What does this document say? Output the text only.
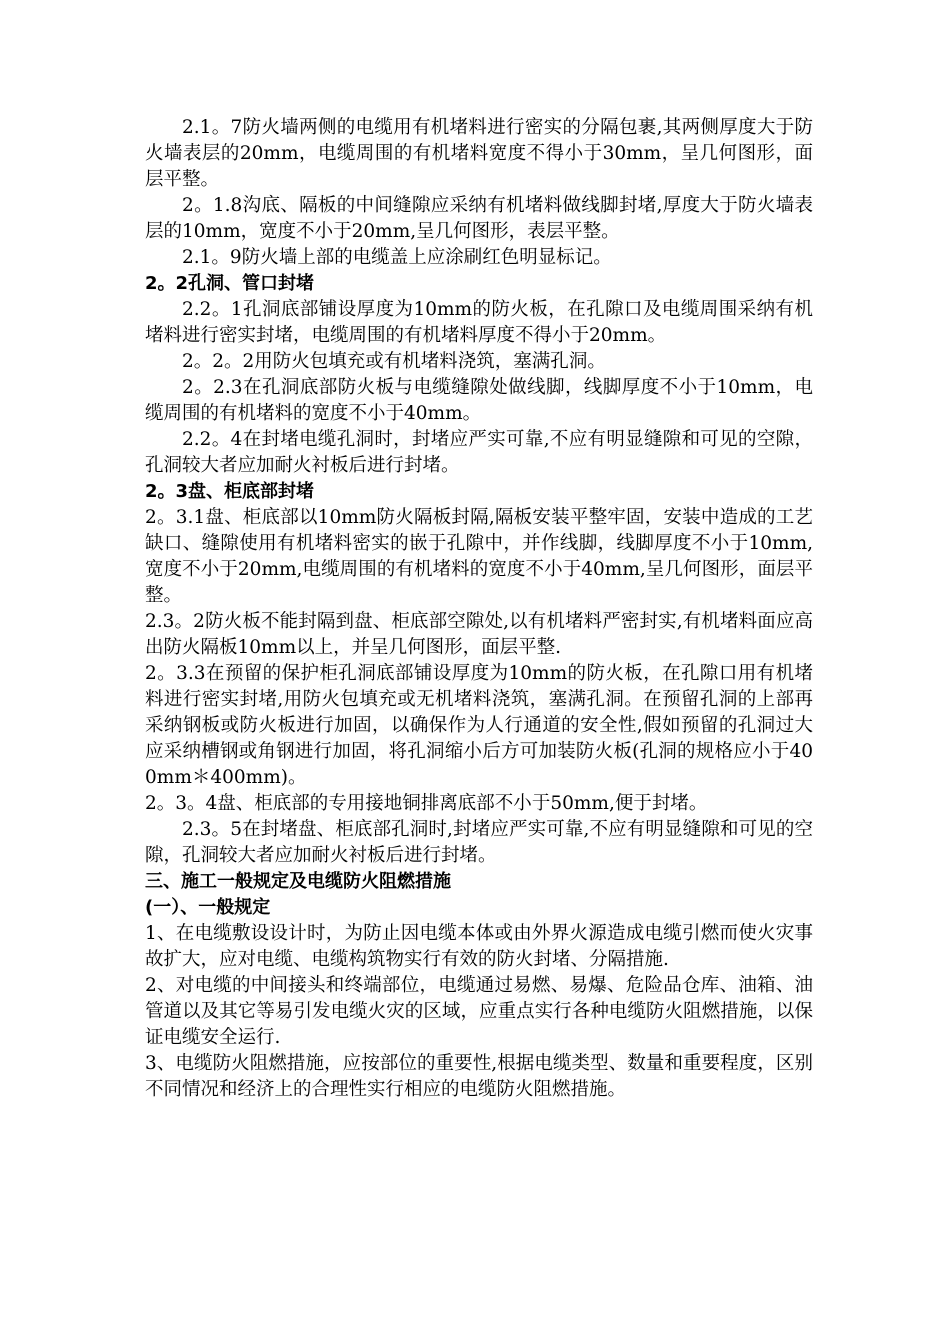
2.1。7防火墙两侧的电缆用有机堵料进行密实的分隔包裹,其两侧厚度大于防火墙表层的20mm，电缆周围的有机堵料宽度不得小于30mm，呈几何图形，面层平整。

2。1.8沟底、隔板的中间缝隙应采纳有机堵料做线脚封堵,厚度大于防火墙表层的10mm，宽度不小于20mm,呈几何图形，表层平整。

2.1。9防火墙上部的电缆盖上应涂刷红色明显标记。

2。2孔洞、管口封堵

2.2。1孔洞底部铺设厚度为10mm的防火板，在孔隙口及电缆周围采纳有机堵料进行密实封堵，电缆周围的有机堵料厚度不得小于20mm。

2。2。2用防火包填充或有机堵料浇筑，塞满孔洞。

2。2.3在孔洞底部防火板与电缆缝隙处做线脚，线脚厚度不小于10mm，电缆周围的有机堵料的宽度不小于40mm。

2.2。4在封堵电缆孔洞时，封堵应严实可靠,不应有明显缝隙和可见的空隙，孔洞较大者应加耐火衬板后进行封堵。

2。3盘、柜底部封堵

2。3.1盘、柜底部以10mm防火隔板封隔,隔板安装平整牢固，安装中造成的工艺缺口、缝隙使用有机堵料密实的嵌于孔隙中，并作线脚，线脚厚度不小于10mm,宽度不小于20mm,电缆周围的有机堵料的宽度不小于40mm,呈几何图形，面层平整。

2.3。2防火板不能封隔到盘、柜底部空隙处,以有机堵料严密封实,有机堵料面应高出防火隔板10mm以上，并呈几何图形，面层平整.

2。3.3在预留的保护柜孔洞底部铺设厚度为10mm的防火板，在孔隙口用有机堵料进行密实封堵,用防火包填充或无机堵料浇筑，塞满孔洞。在预留孔洞的上部再采纳钢板或防火板进行加固，以确保作为人行通道的安全性,假如预留的孔洞过大应采纳槽钢或角钢进行加固，将孔洞缩小后方可加装防火板(孔洞的规格应小于400mm＊400mm)。

2。3。4盘、柜底部的专用接地铜排离底部不小于50mm,便于封堵。

2.3。5在封堵盘、柜底部孔洞时,封堵应严实可靠,不应有明显缝隙和可见的空隙，孔洞较大者应加耐火衬板后进行封堵。

三、施工一般规定及电缆防火阻燃措施
(一）、一般规定

1、在电缆敷设设计时，为防止因电缆本体或由外界火源造成电缆引燃而使火灾事故扩大，应对电缆、电缆构筑物实行有效的防火封堵、分隔措施.

2、对电缆的中间接头和终端部位，电缆通过易燃、易爆、危险品仓库、油箱、油管道以及其它等易引发电缆火灾的区域，应重点实行各种电缆防火阻燃措施，以保证电缆安全运行.

3、电缆防火阻燃措施，应按部位的重要性,根据电缆类型、数量和重要程度，区别不同情况和经济上的合理性实行相应的电缆防火阻燃措施。
